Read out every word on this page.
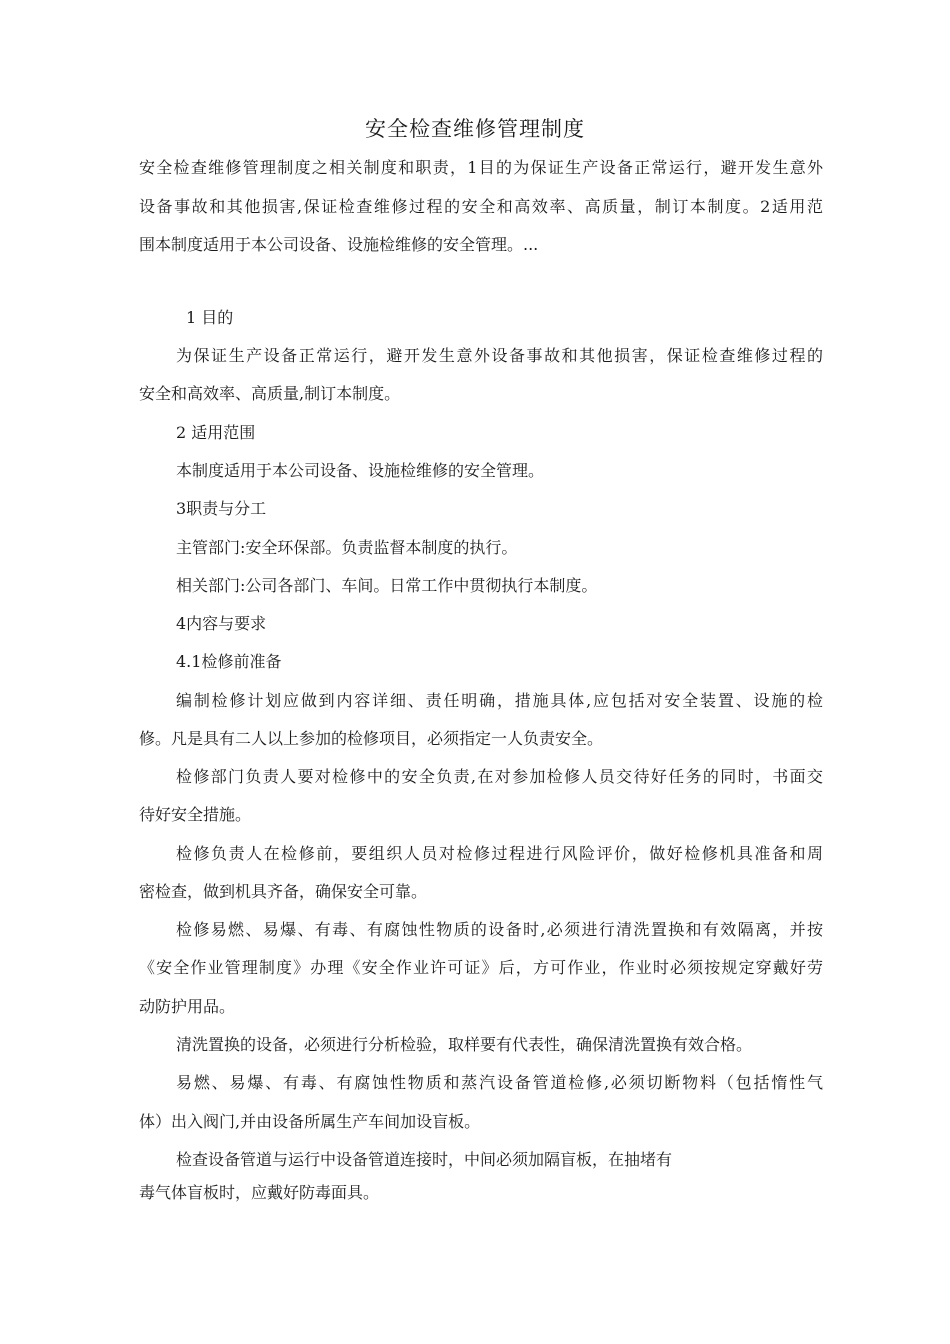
安全检查维修管理制度
安全检查维修管理制度之相关制度和职责，1目的为保证生产设备正常运行，避开发生意外
设备事故和其他损害,保证检查维修过程的安全和高效率、高质量，制订本制度。2适用范
围本制度适用于本公司设备、设施检维修的安全管理。...
1 目的
为保证生产设备正常运行，避开发生意外设备事故和其他损害，保证检查维修过程的
安全和高效率、高质量,制订本制度。
2 适用范围
本制度适用于本公司设备、设施检维修的安全管理。
3职责与分工
主管部门:安全环保部。负责监督本制度的执行。
相关部门:公司各部门、车间。日常工作中贯彻执行本制度。
4内容与要求
4.1检修前准备
编制检修计划应做到内容详细、责任明确，措施具体,应包括对安全装置、设施的检
修。凡是具有二人以上参加的检修项目，必须指定一人负责安全。
检修部门负责人要对检修中的安全负责,在对参加检修人员交待好任务的同时，书面交
待好安全措施。
检修负责人在检修前，要组织人员对检修过程进行风险评价，做好检修机具准备和周
密检查，做到机具齐备，确保安全可靠。
检修易燃、易爆、有毒、有腐蚀性物质的设备时,必须进行清洗置换和有效隔离，并按
《安全作业管理制度》办理《安全作业许可证》后，方可作业，作业时必须按规定穿戴好劳
动防护用品。
清洗置换的设备，必须进行分析检验，取样要有代表性，确保清洗置换有效合格。
易燃、易爆、有毒、有腐蚀性物质和蒸汽设备管道检修,必须切断物料（包括惰性气
体）出入阀门,并由设备所属生产车间加设盲板。
检查设备管道与运行中设备管道连接时，中间必须加隔盲板，在抽堵有
毒气体盲板时，应戴好防毒面具。
